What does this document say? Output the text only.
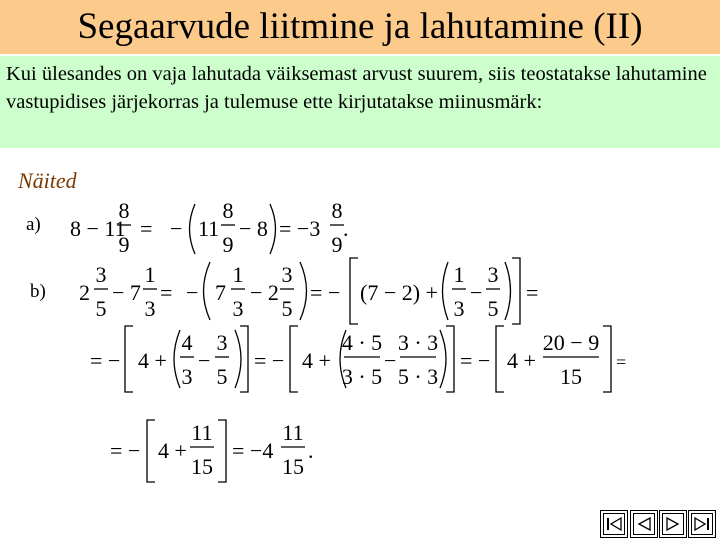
Segaarvude liitmine ja lahutamine (II)

Kui ülesandes on vaja lahutada väiksemast arvust suurem, siis teostatakse lahutamine vastupidises järjekorras ja tulemuse ette kirjutatakse miinusmärk:

Näited
a)
b)
8 − 11
8
9
= − 11
8
9
− 8 = −3
8
9
.
2
3
5
− 7
1
3
= − 7
1
3
− 2
3
5
= − (7 − 2) +
1
3
−
3
5
=
= − 4 +
4
3
−
3
5
= − 4 +
4 · 5
3 · 5
−
3 · 3
5 · 3
= − 4 +
20 − 9
15
=
= − 4 +
11
15
= −4
11
15
.
